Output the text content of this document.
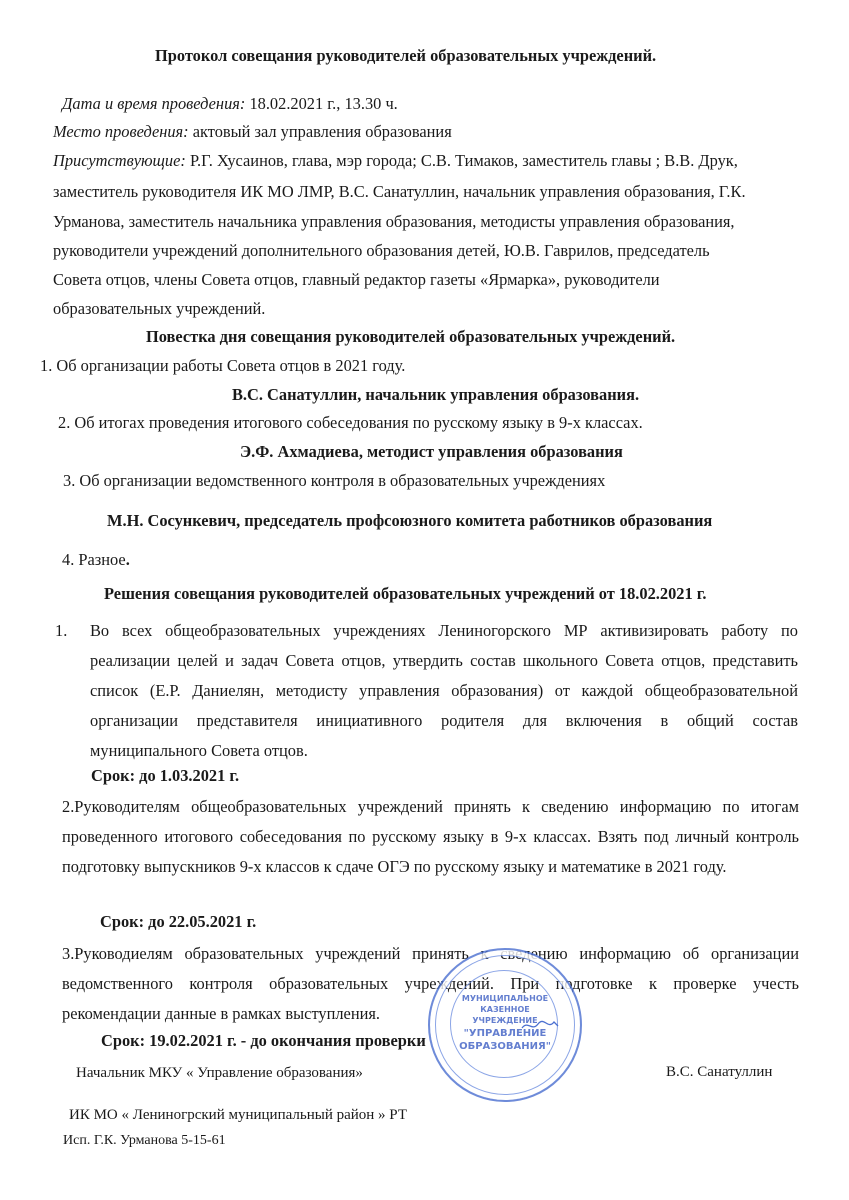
Протокол совещания руководителей образовательных учреждений.
Дата и время проведения: 18.02.2021 г., 13.30 ч.
Место проведения: актовый зал управления образования
Присутствующие: Р.Г. Хусаинов, глава, мэр города; С.В. Тимаков, заместитель главы ; В.В. Друк,
заместитель руководителя ИК МО ЛМР, В.С. Санатуллин, начальник управления образования, Г.К.
Урманова, заместитель начальника управления образования, методисты управления образования,
руководители учреждений дополнительного образования детей, Ю.В. Гаврилов, председатель
Совета отцов, члены Совета отцов, главный редактор газеты «Ярмарка», руководители
образовательных учреждений.
Повестка дня совещания руководителей образовательных учреждений.
1. Об организации работы Совета отцов в 2021 году.
В.С. Санатуллин, начальник управления образования.
2. Об итогах проведения итогового собеседования по русскому языку в 9-х классах.
Э.Ф. Ахмадиева, методист управления образования
3. Об организации ведомственного контроля в образовательных учреждениях
М.Н. Сосункевич, председатель профсоюзного комитета работников образования
4. Разное.
Решения совещания руководителей образовательных учреждений от 18.02.2021 г.
1. Во всех общеобразовательных учреждениях Лениногорского МР активизировать работу по реализации целей и задач Совета отцов, утвердить состав школьного Совета отцов, представить список (Е.Р. Даниелян, методисту управления образования) от каждой общеобразовательной организации представителя инициативного родителя для включения в общий состав муниципального Совета отцов.
Срок: до 1.03.2021 г.
2.Руководителям общеобразовательных учреждений принять к сведению информацию по итогам проведенного итогового собеседования по русскому языку в 9-х классах. Взять под личный контроль подготовку выпускников 9-х классов к сдаче ОГЭ по русскому языку и математике в 2021 году.
Срок: до 22.05.2021 г.
3.Руководиелям образовательных учреждений принять к сведению информацию об организации ведомственного контроля образовательных учреждений. При подготовке к проверке учесть рекомендации данные в рамках выступления.
Срок: 19.02.2021 г. - до окончания проверки
Начальник МКУ « Управление образования»	В.С. Санатуллин
ИК МО « Лениногрский муниципальный район » РТ
Исп. Г.К. Урманова 5-15-61
МУНИЦИПАЛЬНОЕ
КАЗЕННОЕ
УЧРЕЖДЕНИЕ
"УПРАВЛЕНИЕ
ОБРАЗОВАНИЯ"
